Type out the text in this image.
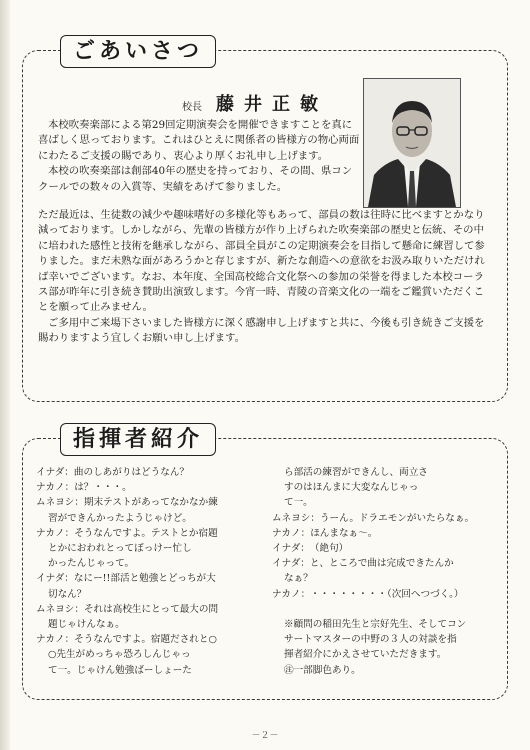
ごあいさつ
校長 藤井正敏

本校吹奏楽部による第29回定期演奏会を開催できますことを真に喜ばしく思っております。これはひとえに関係者の皆様方の物心両面にわたるご支援の賜であり、衷心より厚くお礼申し上げます。

本校の吹奏楽部は創部40年の歴史を持っており、その間、県コンクールでの数々の入賞等、実績をあげて参りました。

ただ最近は、生徒数の減少や趣味嗜好の多様化等もあって、部員の数は往時に比べますとかなり減っております。しかしながら、先輩の皆様方が作り上げられた吹奏楽部の歴史と伝統、その中に培われた感性と技術を継承しながら、部員全員がこの定期演奏会を目指して懸命に練習して参りました。まだ未熟な面があろうかと存じますが、新たな創造への意欲をお汲み取りいただければ幸いでございます。なお、本年度、全国高校総合文化祭への参加の栄誉を得ました本校コーラス部が昨年に引き続き賛助出演致します。今宵一時、青陵の音楽文化の一端をご鑑賞いただくことを願って止みません。

ご多用中ご来場下さいました皆様方に深く感謝申し上げますと共に、今後も引き続きご支援を賜わりますよう宜しくお願い申し上げます。

指揮者紹介
イナダ： 曲のしあがりはどうなん？
ナカノ： は？・・・。
ムネヨシ： 期末テストがあってなかなか練
習ができんかったようじゃけど。
ナカノ： そうなんですよ。テストとか宿題
とかにおわれとってぼっけー忙し
かったんじゃって。
イナダ： なにー!!部活と勉強とどっちが大
切なん？
ムネヨシ： それは高校生にとって最大の問
題じゃけんなぁ。
ナカノ： そうなんですよ。宿題だされと○
○先生がめっちゃ恐ろしんじゃっ
て一。じゃけん勉強ばーしょーた
ら部活の練習ができんし、両立さ
すのはほんまに大変なんじゃっ
て一。
ムネヨシ： うーん。ドラエモンがいたらなぁ。
ナカノ： ほんまなぁ〜。
イナダ： （絶句）
イナダ： と、ところで曲は完成できたんか
なぁ？
ナカノ： ・・・・・・・・（次回へつづく。）

※顧問の稲田先生と宗好先生、そしてコン
サートマスターの中野の３人の対談を指
揮者紹介にかえさせていただきます。
㊟一部脚色あり。
－２－
